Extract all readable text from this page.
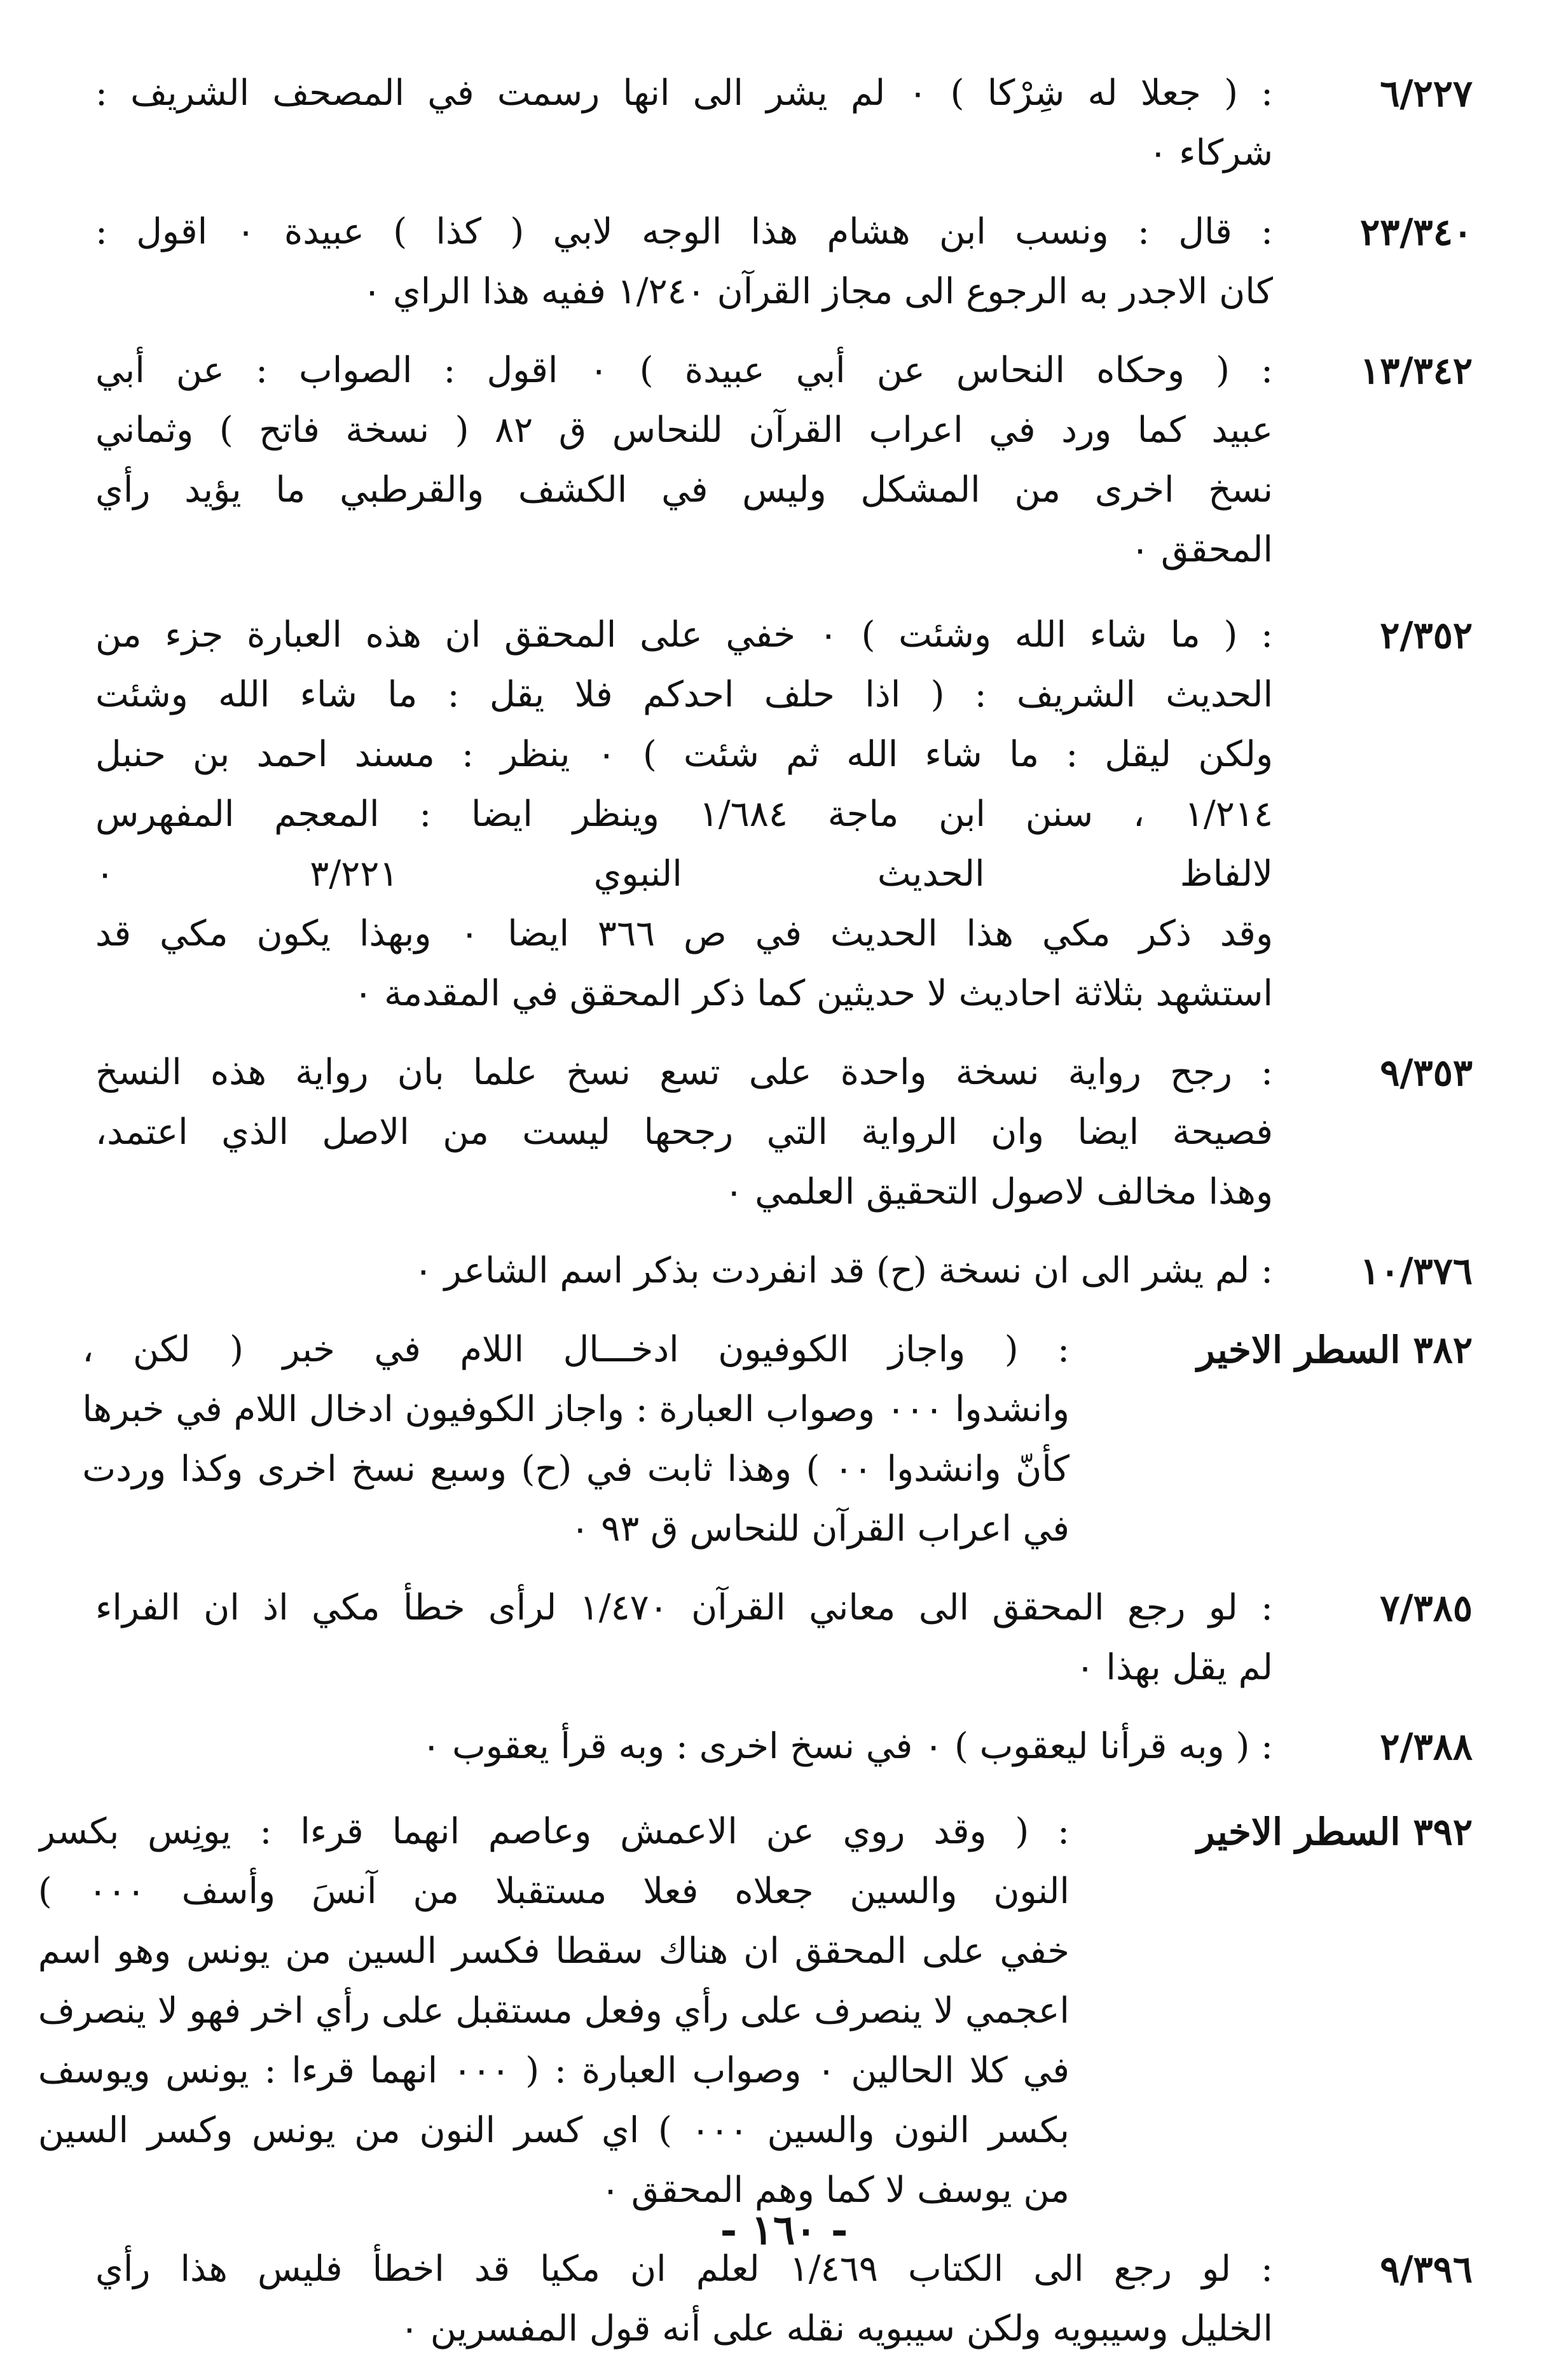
٦/٢٢٧
: ( جعلا له شِرْكا ) ٠ لم يشر الى انها رسمت في المصحف الشريف :
شركاء ٠
٢٣/٣٤٠
: قال : ونسب ابن هشام هذا الوجه لابي ( كذا ) عبيدة ٠ اقول :
كان الاجدر به الرجوع الى مجاز القرآن ١/٢٤٠ ففيه هذا الراي ٠
١٣/٣٤٢
: ( وحكاه النحاس عن أبي عبيدة ) ٠ اقول : الصواب : عن أبي
عبيد كما ورد في اعراب القرآن للنحاس ق ٨٢ ( نسخة فاتح ) وثماني
نسخ اخرى من المشكل وليس في الكشف والقرطبي ما يؤيد رأي
المحقق ٠
٢/٣٥٢
: ( ما شاء الله وشئت ) ٠ خفي على المحقق ان هذه العبارة جزء من
الحديث الشريف : ( اذا حلف احدكم فلا يقل : ما شاء الله وشئت
ولكن ليقل : ما شاء الله ثم شئت ) ٠ ينظر : مسند احمد بن حنبل
١/٢١٤ ، سنن ابن ماجة ١/٦٨٤ وينظر ايضا : المعجم المفهرس
لالفاظ الحديث النبوي ٣/٢٢١ ٠
وقد ذكر مكي هذا الحديث في ص ٣٦٦ ايضا ٠ وبهذا يكون مكي قد
استشهد بثلاثة احاديث لا حديثين كما ذكر المحقق في المقدمة ٠
٩/٣٥٣
: رجح رواية نسخة واحدة على تسع نسخ علما بان رواية هذه النسخ
فصيحة ايضا وان الرواية التي رجحها ليست من الاصل الذي اعتمد،
وهذا مخالف لاصول التحقيق العلمي ٠
١٠/٣٧٦
: لم يشر الى ان نسخة (ح) قد انفردت بذكر اسم الشاعر ٠
٣٨٢ السطر الاخير
: ( واجاز الكوفيون ادخـــال اللام في خبر ( لكن ،
وانشدوا ٠٠٠ وصواب العبارة : واجاز الكوفيون ادخال اللام في خبرها
كأنّ وانشدوا ٠٠ ) وهذا ثابت في (ح) وسبع نسخ اخرى وكذا وردت
في اعراب القرآن للنحاس ق ٩٣ ٠
٧/٣٨٥
: لو رجع المحقق الى معاني القرآن ١/٤٧٠ لرأى خطأ مكي اذ ان الفراء
لم يقل بهذا ٠
٢/٣٨٨
: ( وبه قرأنا ليعقوب ) ٠ في نسخ اخرى : وبه قرأ يعقوب ٠
٣٩٢ السطر الاخير
: ( وقد روي عن الاعمش وعاصم انهما قرءا : يونِس بكسر
النون والسين جعلاه فعلا مستقبلا من آنسَ وأسف ٠٠٠ )
خفي على المحقق ان هناك سقطا فكسر السين من يونس وهو اسم
اعجمي لا ينصرف على رأي وفعل مستقبل على رأي اخر فهو لا ينصرف
في كلا الحالين ٠ وصواب العبارة : ( ٠٠٠ انهما قرءا : يونس ويوسف
بكسر النون والسين ٠٠٠ ) اي كسر النون من يونس وكسر السين
من يوسف لا كما وهم المحقق ٠
٩/٣٩٦
: لو رجع الى الكتاب ١/٤٦٩ لعلم ان مكيا قد اخطأ فليس هذا رأي
الخليل وسيبويه ولكن سيبويه نقله على أنه قول المفسرين ٠
- ١٦٠ -
